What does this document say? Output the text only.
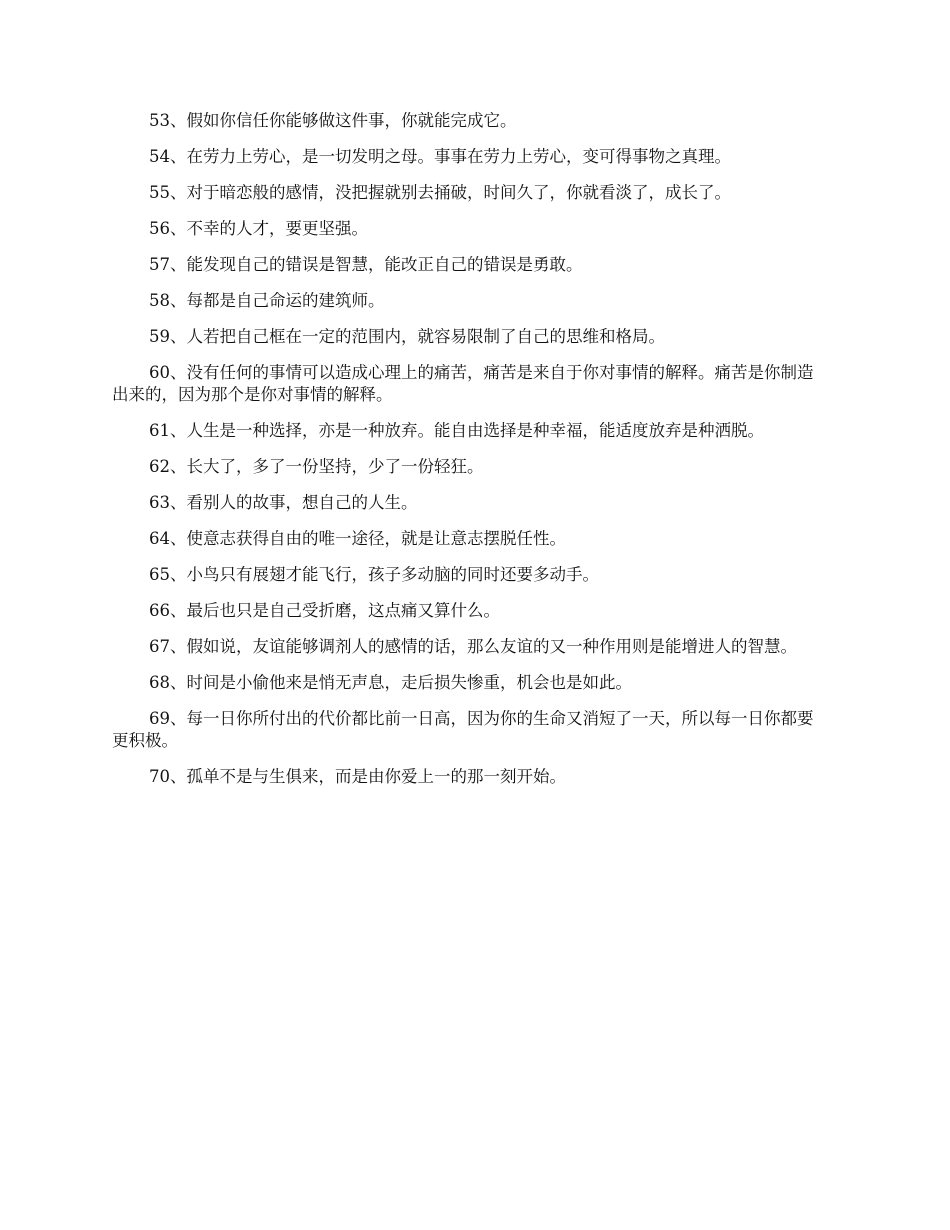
53、假如你信任你能够做这件事，你就能完成它。

54、在劳力上劳心，是一切发明之母。事事在劳力上劳心，变可得事物之真理。

55、对于暗恋般的感情，没把握就别去捅破，时间久了，你就看淡了，成长了。

56、不幸的人才，要更坚强。

57、能发现自己的错误是智慧，能改正自己的错误是勇敢。

58、每都是自己命运的建筑师。

59、人若把自己框在一定的范围内，就容易限制了自己的思维和格局。

60、没有任何的事情可以造成心理上的痛苦，痛苦是来自于你对事情的解释。痛苦是你制造出来的，因为那个是你对事情的解释。

61、人生是一种选择，亦是一种放弃。能自由选择是种幸福，能适度放弃是种洒脱。

62、长大了，多了一份坚持，少了一份轻狂。

63、看别人的故事，想自己的人生。

64、使意志获得自由的唯一途径，就是让意志摆脱任性。

65、小鸟只有展翅才能飞行，孩子多动脑的同时还要多动手。

66、最后也只是自己受折磨，这点痛又算什么。

67、假如说，友谊能够调剂人的感情的话，那么友谊的又一种作用则是能增进人的智慧。

68、时间是小偷他来是悄无声息，走后损失惨重，机会也是如此。

69、每一日你所付出的代价都比前一日高，因为你的生命又消短了一天，所以每一日你都要更积极。

70、孤单不是与生俱来，而是由你爱上一的那一刻开始。
